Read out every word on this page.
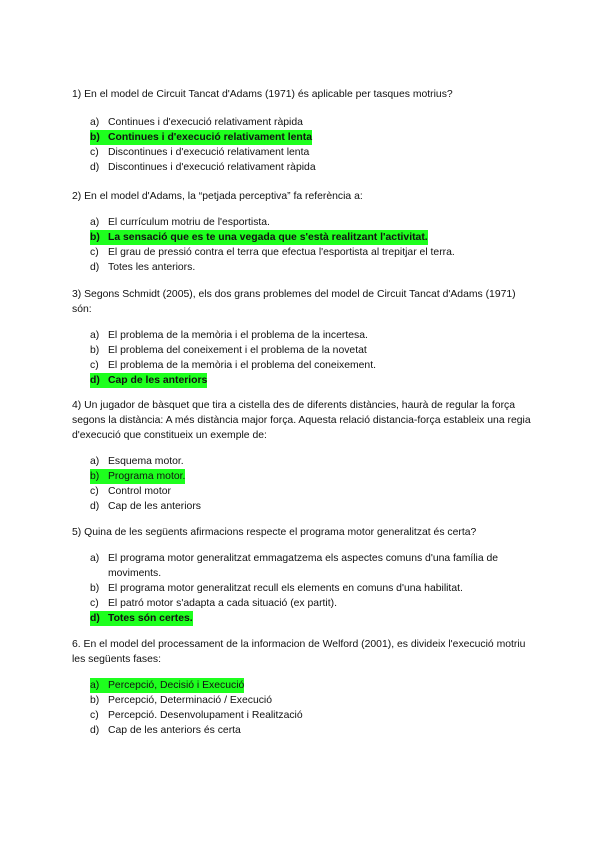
1) En el model de Circuit Tancat d'Adams (1971) és aplicable per tasques motrius?

a) Continues i d'execució relativament ràpida
b) Continues i d'execució relativament lenta
c) Discontinues i d'execució relativament lenta
d) Discontinues i d'execució relativament ràpida

2) En el model d'Adams, la “petjada perceptiva” fa referència a:

a) El currículum motriu de l'esportista.
b) La sensació que es te una vegada que s'està realitzant l'activitat.
c) El grau de pressió contra el terra que efectua l'esportista al trepitjar el terra.
d) Totes les anteriors.

3) Segons Schmidt (2005), els dos grans problemes del model de Circuit Tancat d'Adams (1971) són:

a) El problema de la memòria i el problema de la incertesa.
b) El problema del coneixement i el problema de la novetat
c) El problema de la memòria i el problema del coneixement.
d) Cap de les anteriors

4) Un jugador de bàsquet que tira a cistella des de diferents distàncies, haurà de regular la força segons la distància: A més distància major força. Aquesta relació distancia-força estableix una regia d'execució que constitueix un exemple de:

a) Esquema motor.
b) Programa motor.
c) Control motor
d) Cap de les anteriors

5) Quina de les següents afirmacions respecte el programa motor generalitzat és certa?

a) El programa motor generalitzat emmagatzema els aspectes comuns d'una família de moviments.
b) El programa motor generalitzat recull els elements en comuns d'una habilitat.
c) El patró motor s'adapta a cada situació (ex partit).
d) Totes són certes.

6. En el model del processament de la informacion de Welford (2001), es divideix l'execució motriu les següents fases:

a) Percepció, Decisió i Execució
b) Percepció, Determinació / Execució
c) Percepció. Desenvolupament i Realització
d) Cap de les anteriors és certa
